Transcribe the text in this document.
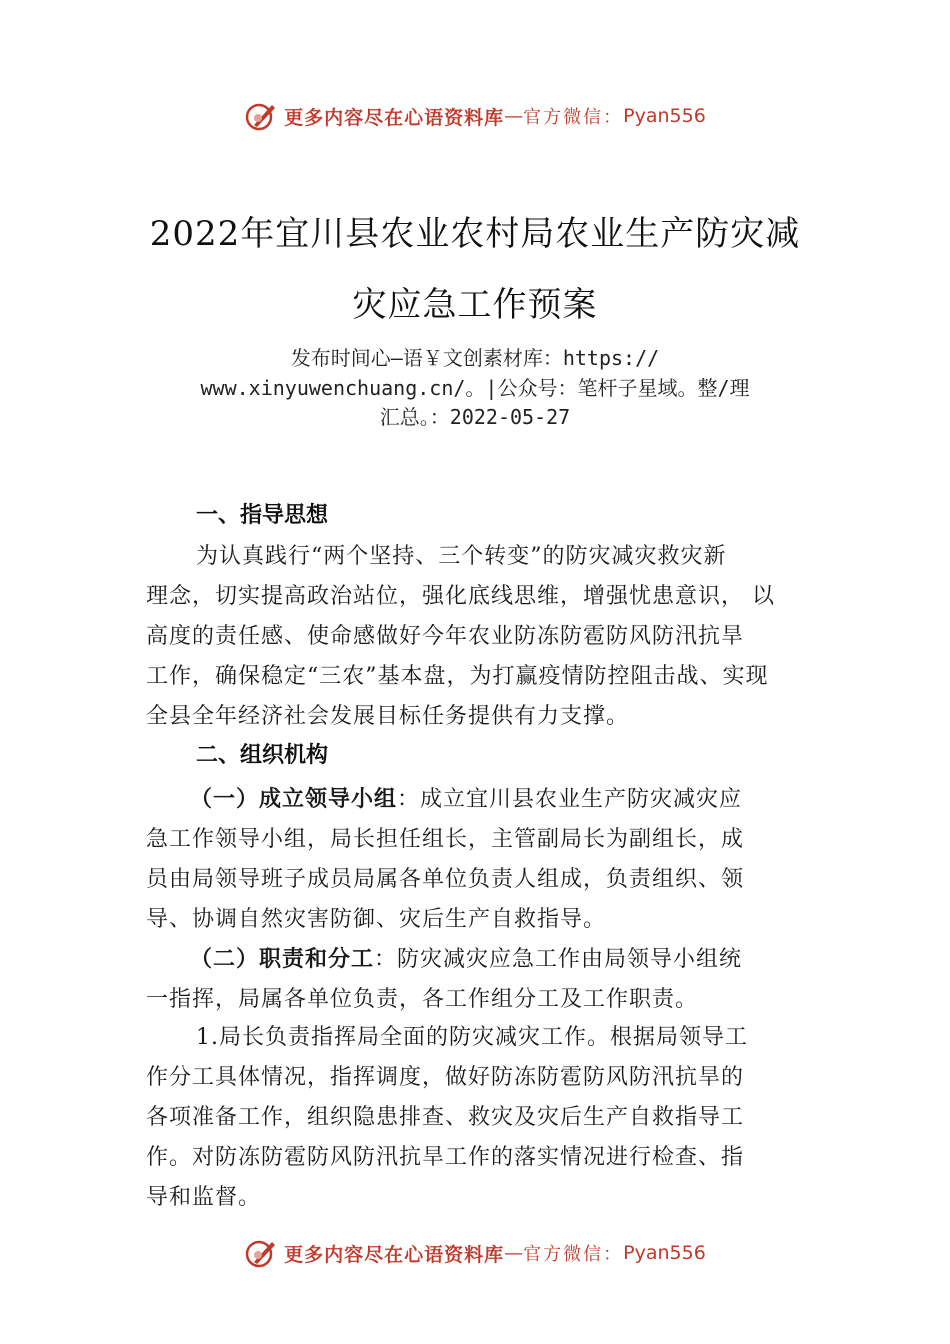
更多内容尽在心语资料库 — 官方微信： Pyan556
2022年宜川县农业农村局农业生产防灾减
灾应急工作预案
发布时间心—语￥文创素材库：https://
www.xinyuwenchuang.cn/。|公众号：笔杆子星域。整/理
汇总。：2022-05-27
一、指导思想
为认真践行“两个坚持、三个转变”的防灾减灾救灾新
理念，切实提高政治站位，强化底线思维，增强忧患意识， 以
高度的责任感、使命感做好今年农业防冻防雹防风防汛抗旱
工作，确保稳定“三农”基本盘，为打赢疫情防控阻击战、实现
全县全年经济社会发展目标任务提供有力支撑。
二、组织机构
（一）成立领导小组：成立宜川县农业生产防灾减灾应
急工作领导小组，局长担任组长，主管副局长为副组长，成
员由局领导班子成员局属各单位负责人组成，负责组织、领
导、协调自然灾害防御、灾后生产自救指导。
（二）职责和分工：防灾减灾应急工作由局领导小组统
一指挥，局属各单位负责，各工作组分工及工作职责。
1.局长负责指挥局全面的防灾减灾工作。根据局领导工
作分工具体情况，指挥调度，做好防冻防雹防风防汛抗旱的
各项准备工作，组织隐患排查、救灾及灾后生产自救指导工
作。对防冻防雹防风防汛抗旱工作的落实情况进行检查、指
导和监督。
更多内容尽在心语资料库 — 官方微信： Pyan556
